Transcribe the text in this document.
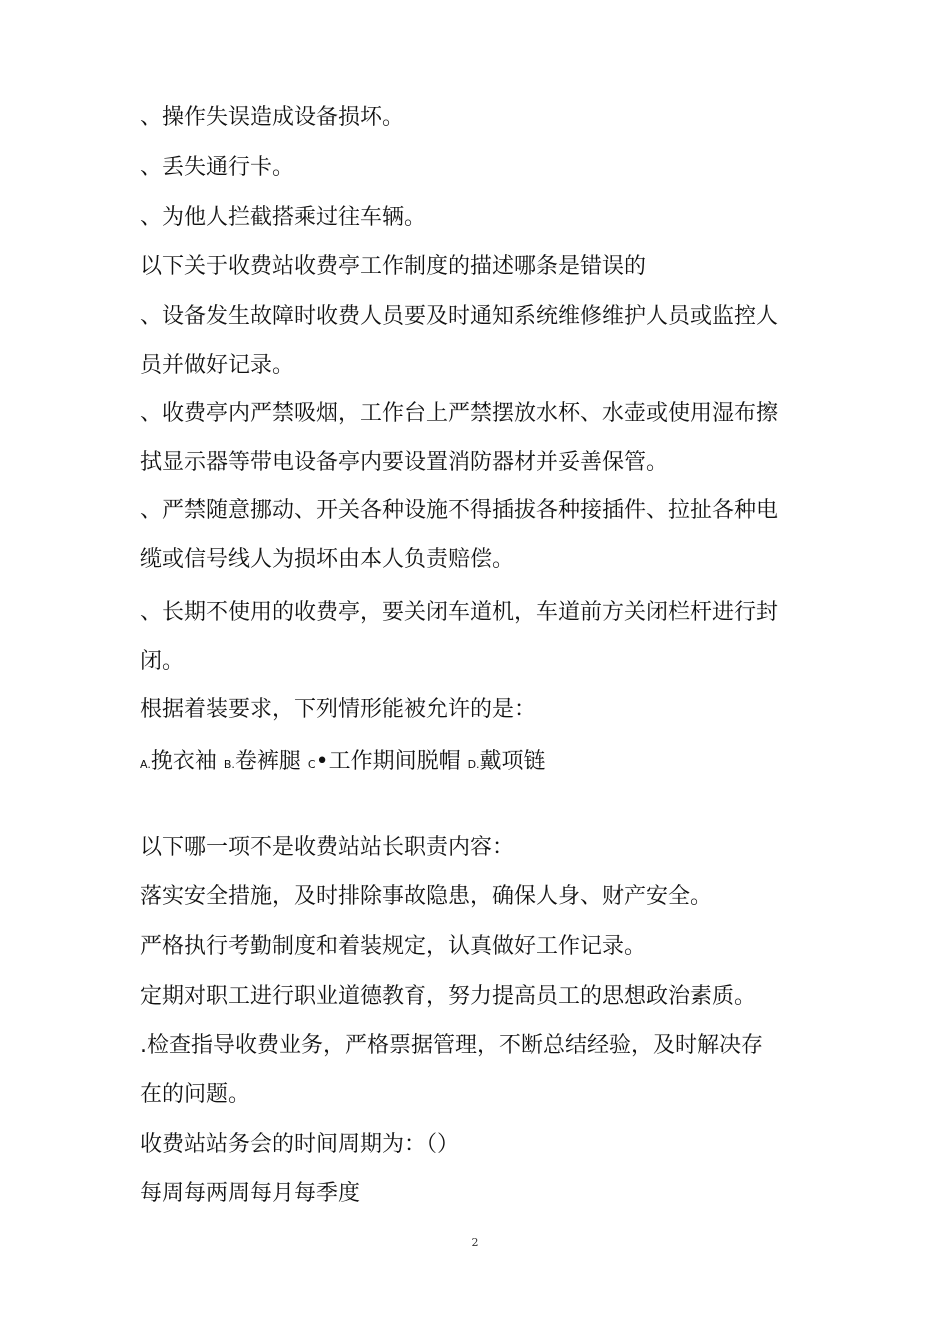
、操作失误造成设备损坏。
、丢失通行卡。
、为他人拦截搭乘过往车辆。
以下关于收费站收费亭工作制度的描述哪条是错误的
、设备发生故障时收费人员要及时通知系统维修维护人员或监控人
员并做好记录。
、收费亭内严禁吸烟，工作台上严禁摆放水杯、水壶或使用湿布擦
拭显示器等带电设备亭内要设置消防器材并妥善保管。
、严禁随意挪动、开关各种设施不得插拔各种接插件、拉扯各种电
缆或信号线人为损坏由本人负责赔偿。
、长期不使用的收费亭，要关闭车道机，车道前方关闭栏杆进行封
闭。
根据着装要求，下列情形能被允许的是：
A.挽衣袖 B.卷裤腿 C•工作期间脱帽 D.戴项链
以下哪一项不是收费站站长职责内容：
落实安全措施，及时排除事故隐患，确保人身、财产安全。
严格执行考勤制度和着装规定，认真做好工作记录。
定期对职工进行职业道德教育，努力提高员工的思想政治素质。
.检查指导收费业务，严格票据管理，不断总结经验，及时解决存
在的问题。
收费站站务会的时间周期为：（）
每周每两周每月每季度
2
